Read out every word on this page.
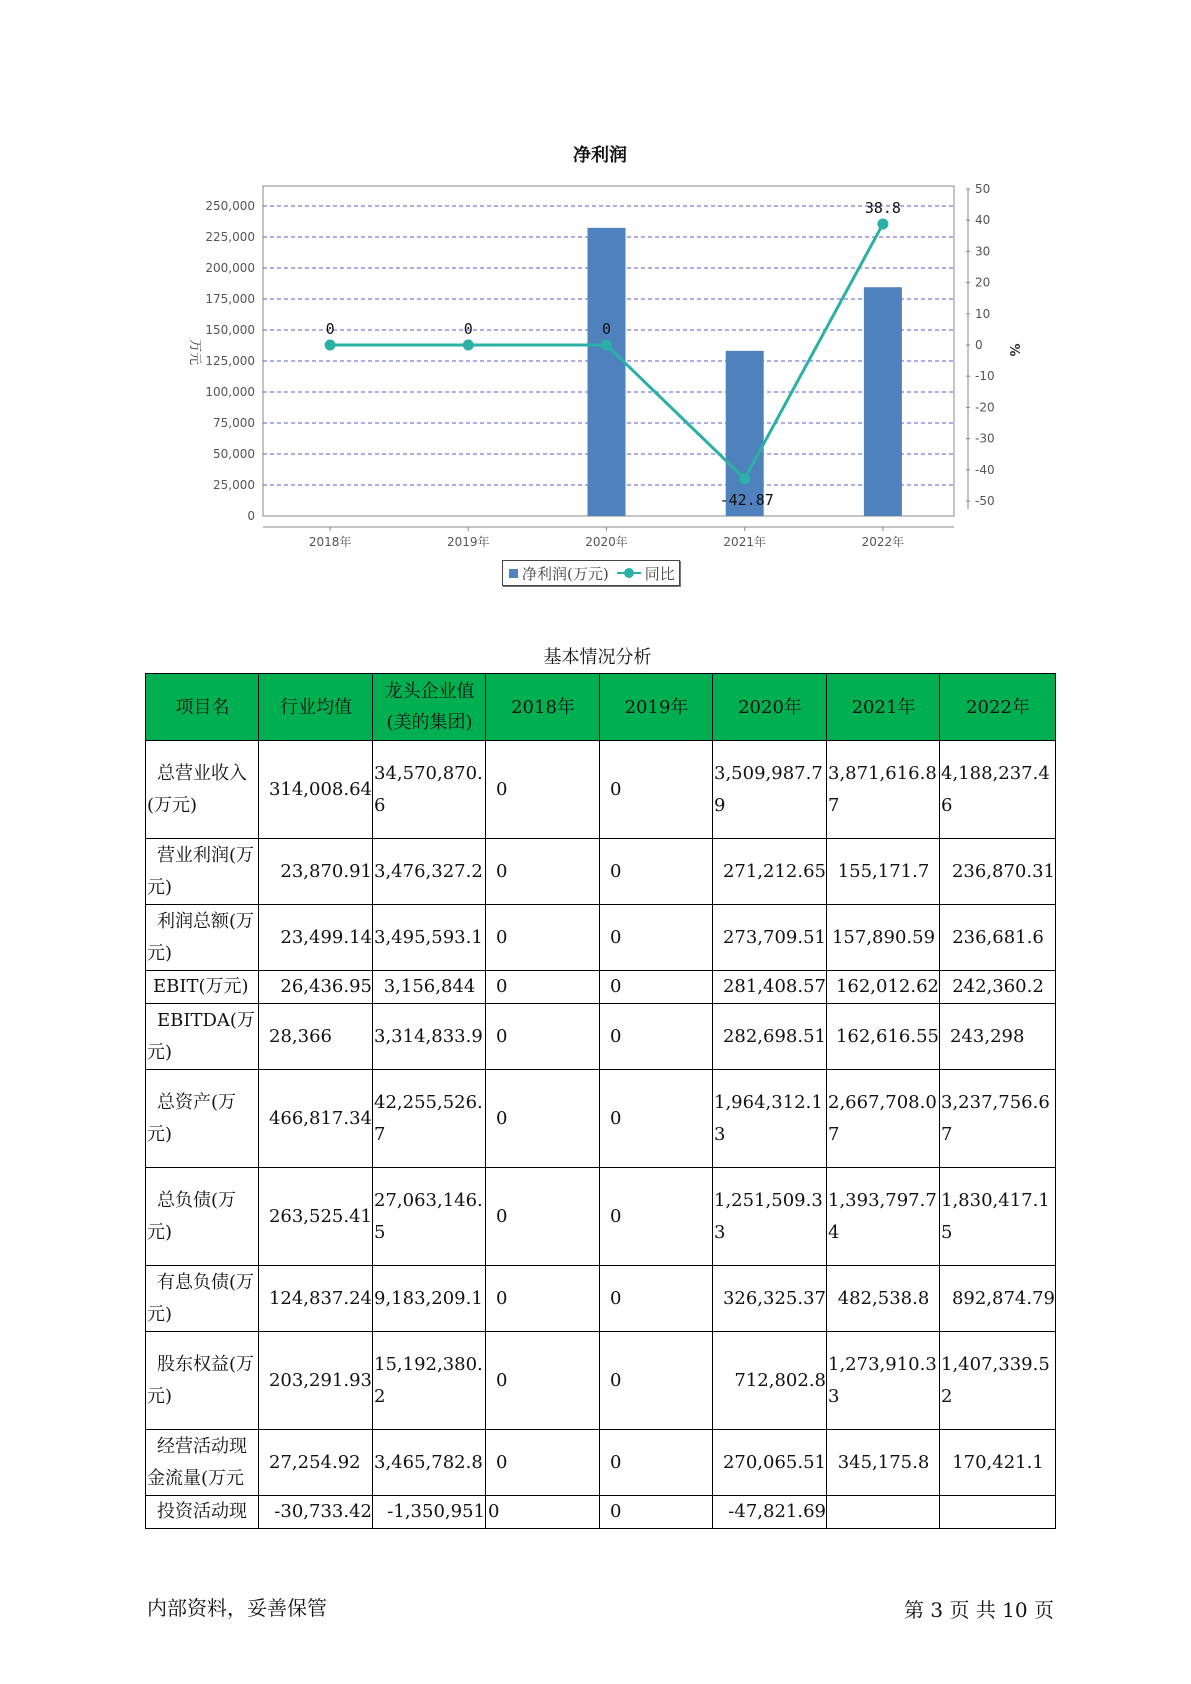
净利润
0
25,000
50,000
75,000
100,000
125,000
150,000
175,000
200,000
225,000
250,000
-50
-40
-30
-20
-10
0
10
20
30
40
50
2018年	2019年	2020年	2021年	2022年
0	0	0
-42.87
38.8
万元	%
净利润(万元) 同比
基本情况分析
项目名	行业均值	龙头企业值(美的集团)	2018年	2019年	2020年	2021年	2022年
总营业收入(万元)	314,008.64	34,570,870.6	0	0	3,509,987.79	3,871,616.87	4,188,237.46
营业利润(万元)	23,870.91	3,476,327.2	0	0	271,212.65	155,171.7	236,870.31
利润总额(万元)	23,499.14	3,495,593.1	0	0	273,709.51	157,890.59	236,681.6
EBIT(万元)	26,436.95	3,156,844	0	0	281,408.57	162,012.62	242,360.2
EBITDA(万元)	28,366	3,314,833.9	0	0	282,698.51	162,616.55	243,298
总资产(万元)	466,817.34	42,255,526.7	0	0	1,964,312.13	2,667,708.07	3,237,756.67
总负债(万元)	263,525.41	27,063,146.5	0	0	1,251,509.33	1,393,797.74	1,830,417.15
有息负债(万元)	124,837.24	9,183,209.1	0	0	326,325.37	482,538.8	892,874.79
股东权益(万元)	203,291.93	15,192,380.2	0	0	712,802.8	1,273,910.33	1,407,339.52
经营活动现金流量(万元	27,254.92	3,465,782.8	0	0	270,065.51	345,175.8	170,421.1
投资活动现	-30,733.42	-1,350,951	0	0	-47,821.69		
内部资料，妥善保管	第 3 页 共 10 页
